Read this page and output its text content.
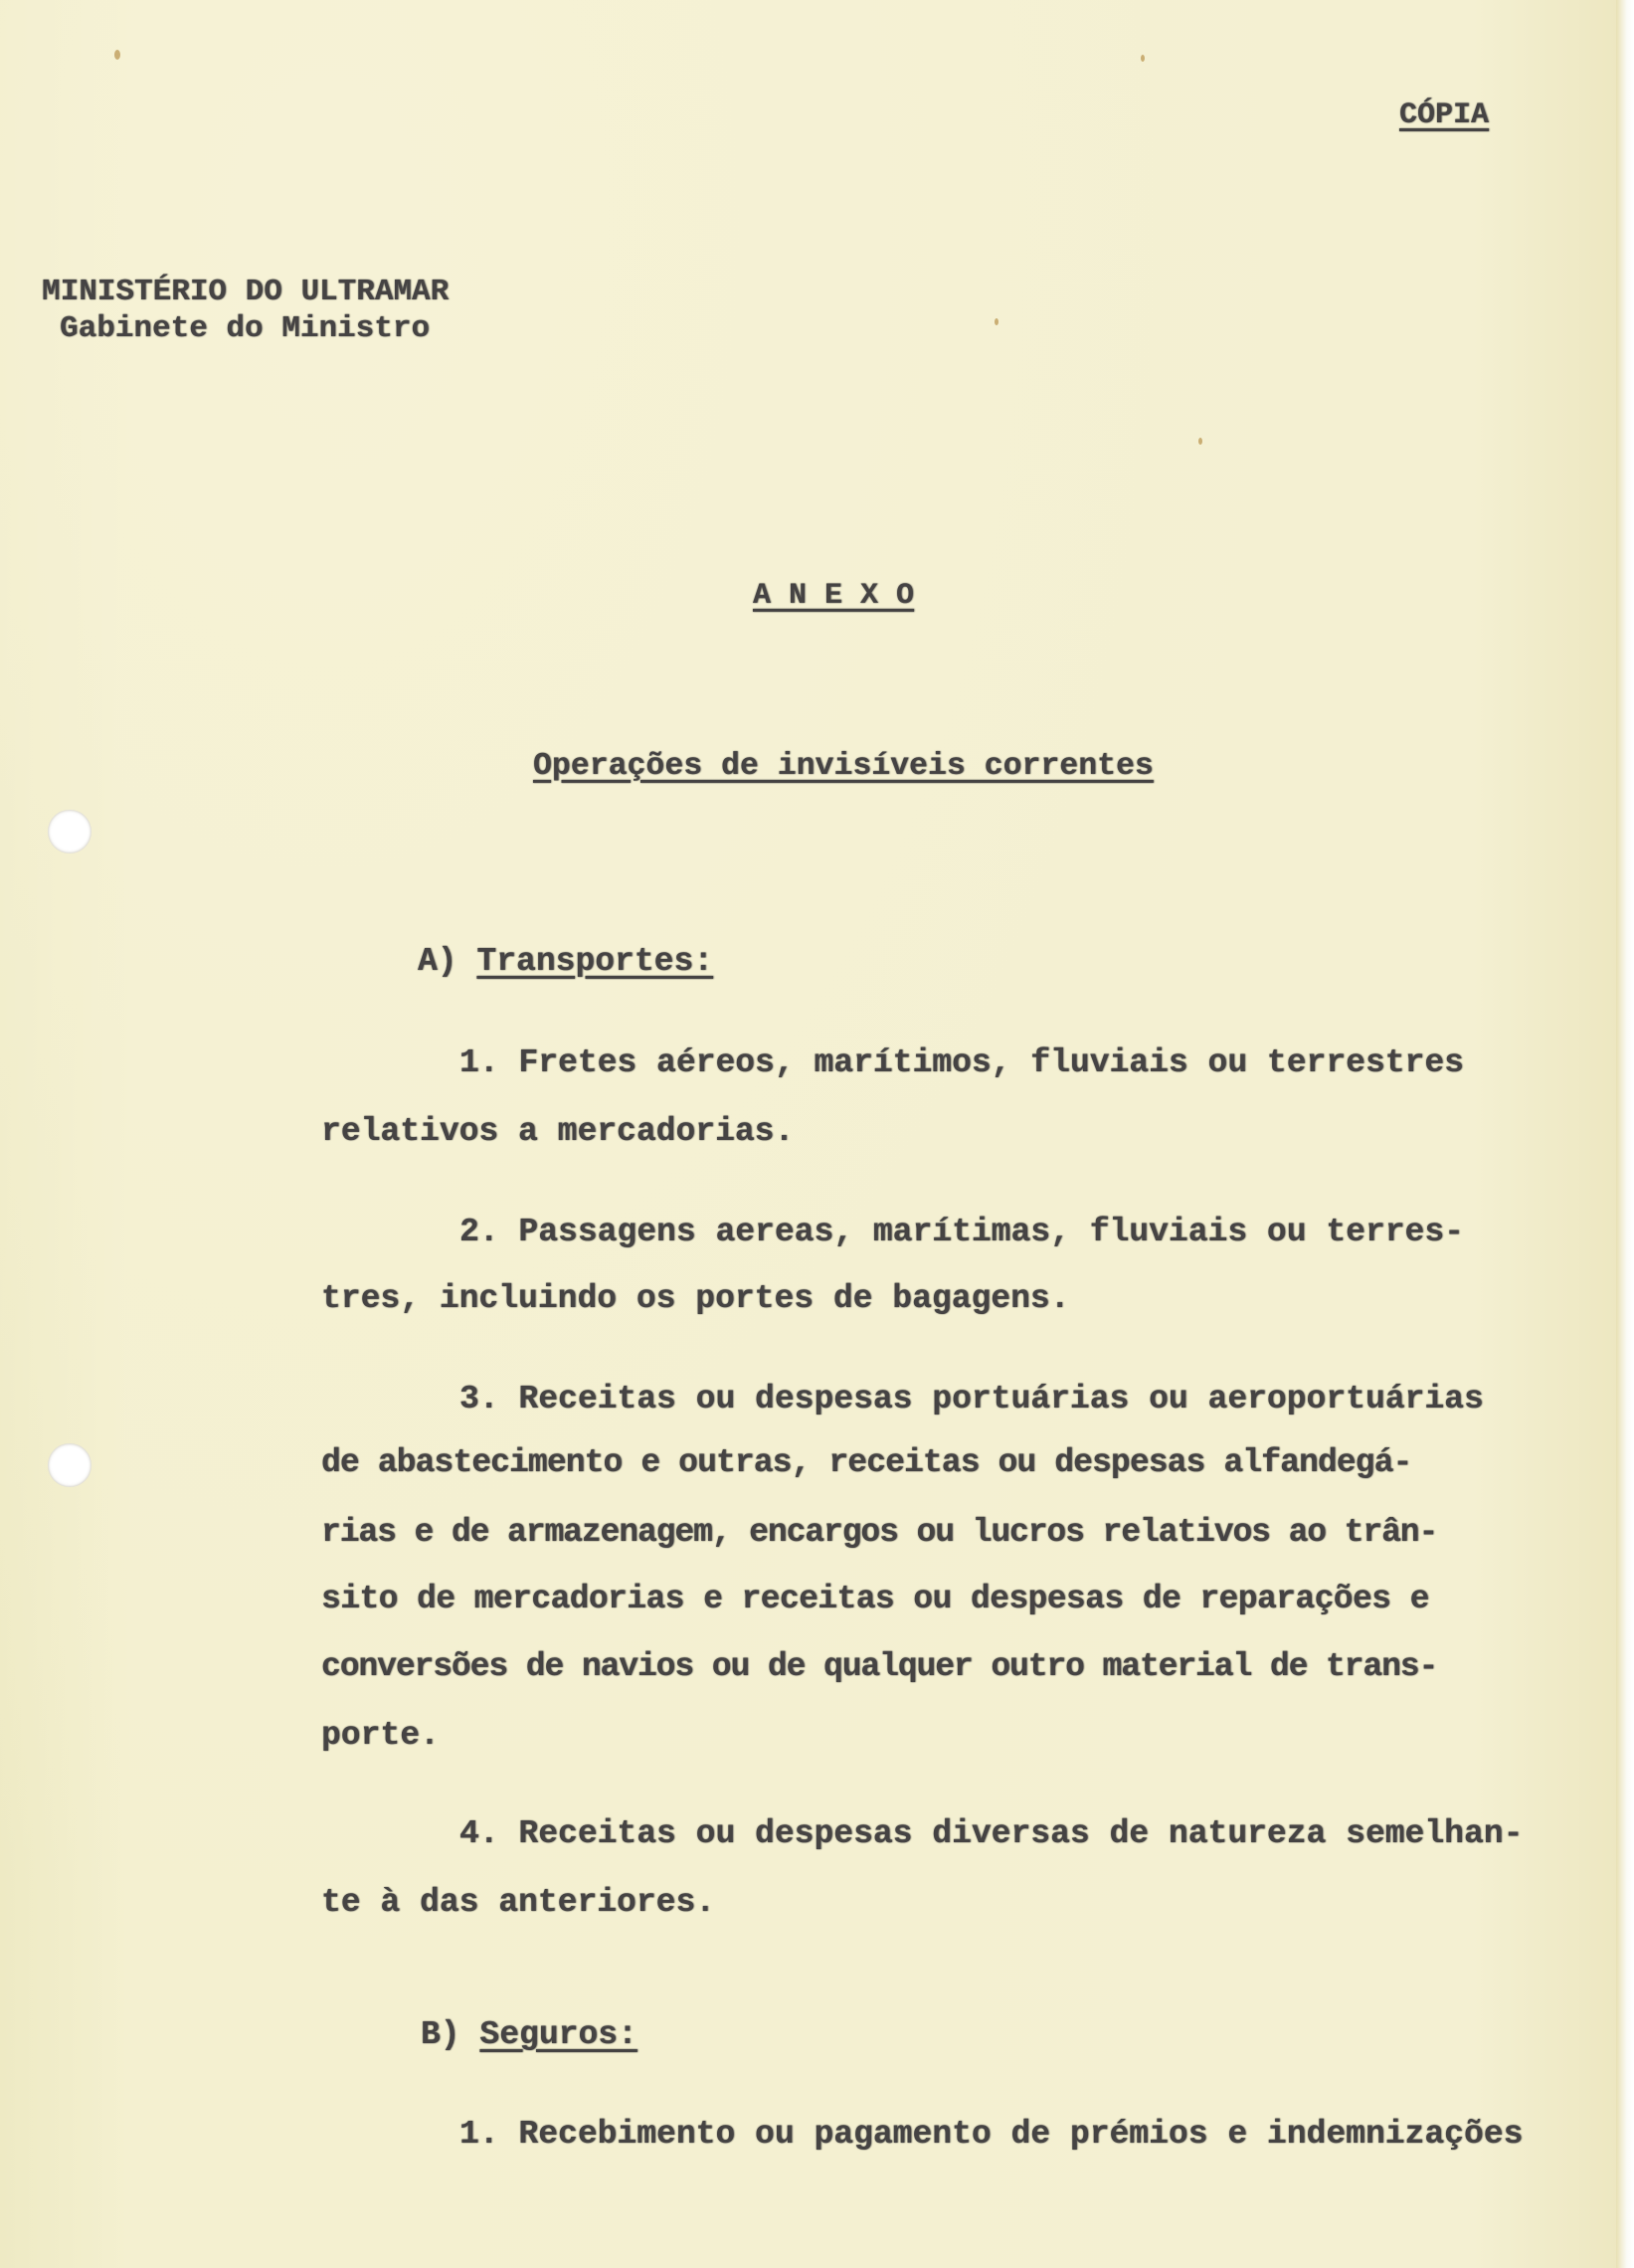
CÓPIA
MINISTÉRIO DO ULTRAMAR
Gabinete do Ministro
A N E X O
Operações de invisíveis correntes
A) Transportes:
1. Fretes aéreos, marítimos, fluviais ou terrestres
relativos a mercadorias.
2. Passagens aereas, marítimas, fluviais ou terres-
tres, incluindo os portes de bagagens.
3. Receitas ou despesas portuárias ou aeroportuárias
de abastecimento e outras, receitas ou despesas alfandegá-
rias e de armazenagem, encargos ou lucros relativos ao trân-
sito de mercadorias e receitas ou despesas de reparações e
conversões de navios ou de qualquer outro material de trans-
porte.
4. Receitas ou despesas diversas de natureza semelhan-
te à das anteriores.
B) Seguros:
1. Recebimento ou pagamento de prémios e indemnizações
